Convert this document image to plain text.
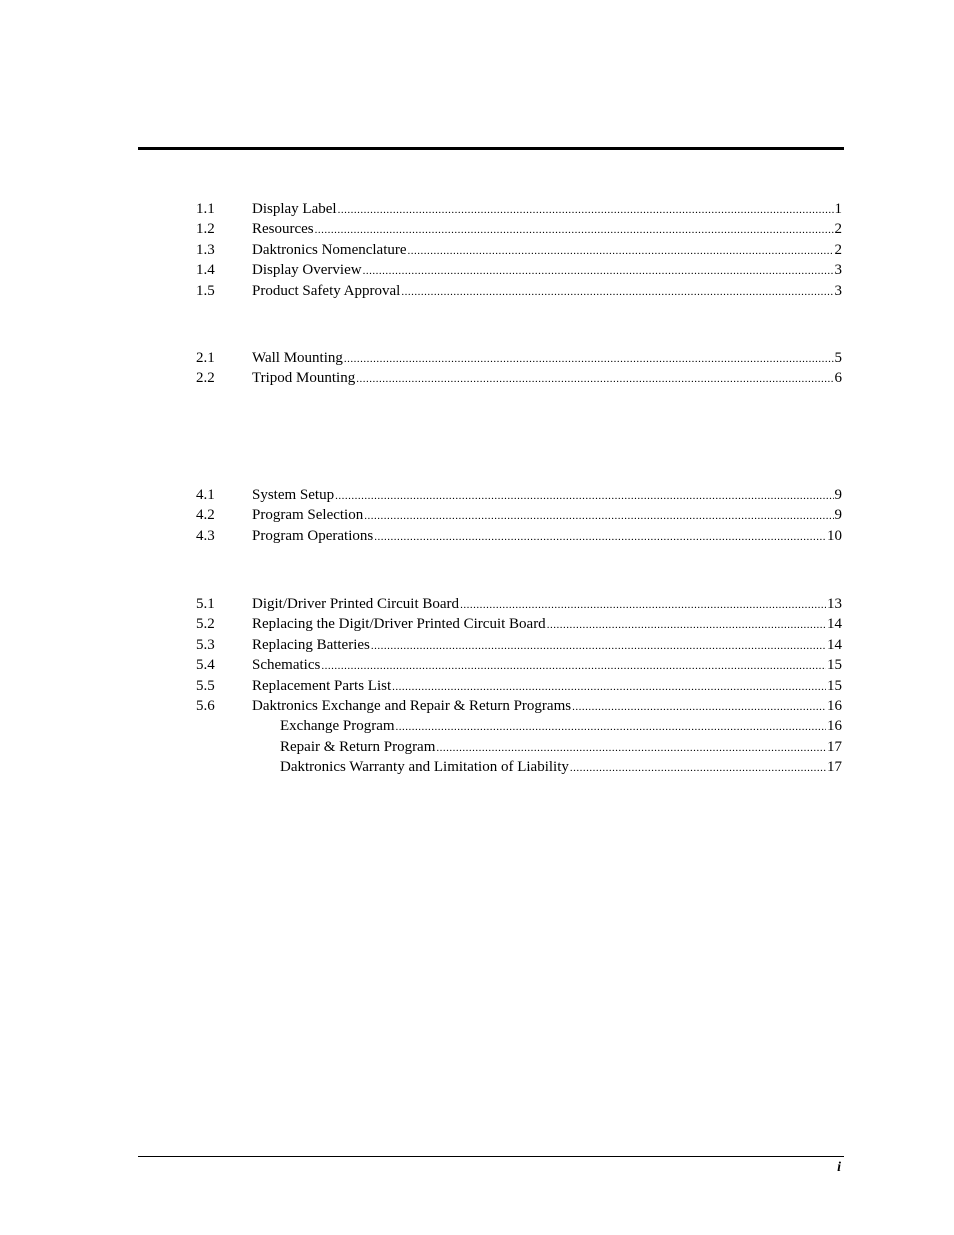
1.1	Display Label .....	1
1.2	Resources .....	2
1.3	Daktronics Nomenclature .....	2
1.4	Display Overview .....	3
1.5	Product Safety Approval .....	3
2.1	Wall Mounting .....	5
2.2	Tripod Mounting .....	6
4.1	System Setup .....	9
4.2	Program Selection .....	9
4.3	Program Operations .....	10
5.1	Digit/Driver Printed Circuit Board .....	13
5.2	Replacing the Digit/Driver Printed Circuit Board .....	14
5.3	Replacing Batteries .....	14
5.4	Schematics .....	15
5.5	Replacement Parts List .....	15
5.6	Daktronics Exchange and Repair & Return Programs .....	16
Exchange Program .....	16
Repair & Return Program .....	17
Daktronics Warranty and Limitation of Liability .....	17
i
